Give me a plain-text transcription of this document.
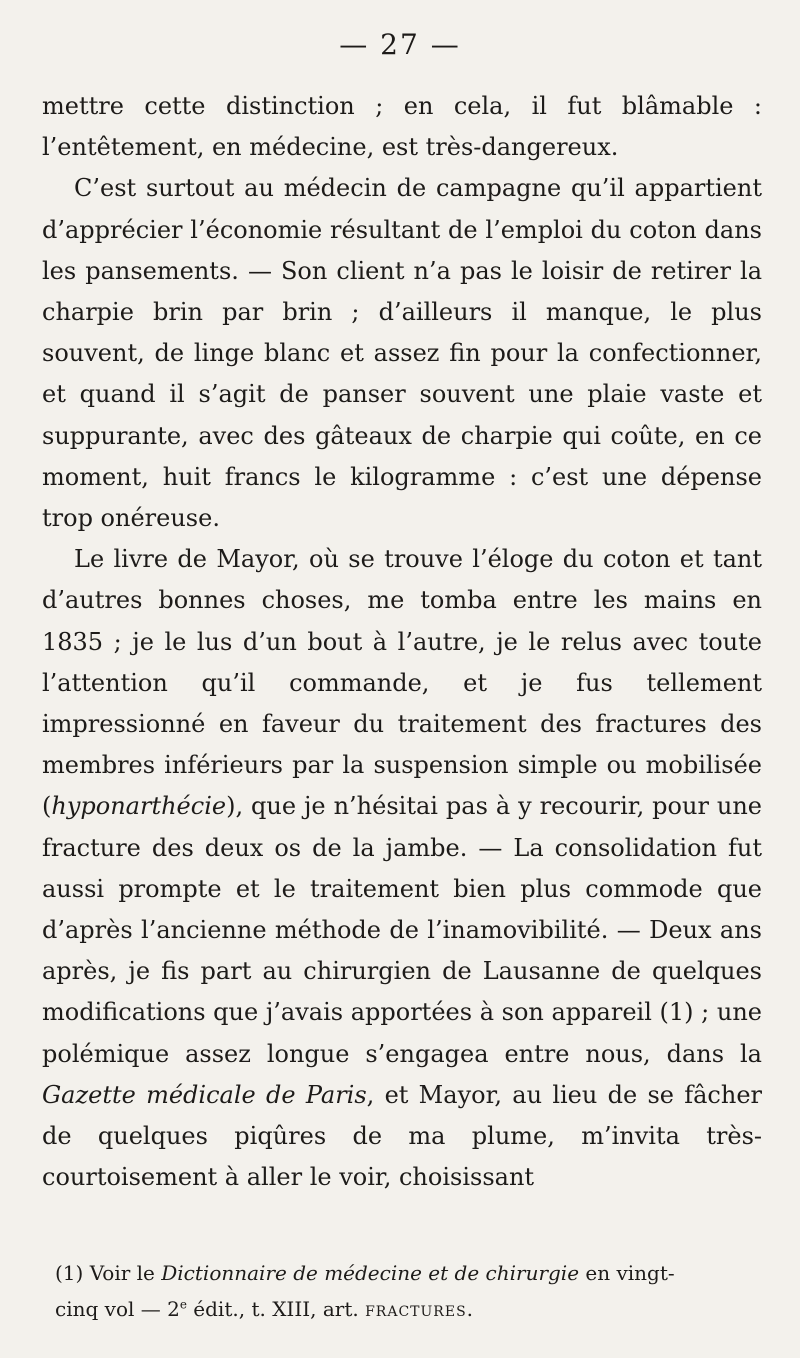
— 27 —

mettre cette distinction ; en cela, il fut blâmable : l’entêtement, en médecine, est très-dangereux.

C’est surtout au médecin de campagne qu’il appartient d’apprécier l’économie résultant de l’emploi du coton dans les pansements. — Son client n’a pas le loisir de retirer la charpie brin par brin ; d’ailleurs il manque, le plus souvent, de linge blanc et assez fin pour la confectionner, et quand il s’agit de panser souvent une plaie vaste et suppurante, avec des gâteaux de charpie qui coûte, en ce moment, huit francs le kilogramme : c’est une dépense trop onéreuse.

Le livre de Mayor, où se trouve l’éloge du coton et tant d’autres bonnes choses, me tomba entre les mains en 1835 ; je le lus d’un bout à l’autre, je le relus avec toute l’attention qu’il commande, et je fus tellement impressionné en faveur du traitement des fractures des membres inférieurs par la suspension simple ou mobilisée (hyponarthécie), que je n’hésitai pas à y recourir, pour une fracture des deux os de la jambe. — La consolidation fut aussi prompte et le traitement bien plus commode que d’après l’ancienne méthode de l’inamovibilité. — Deux ans après, je fis part au chirurgien de Lausanne de quelques modifications que j’avais apportées à son appareil (1) ; une polémique assez longue s’engagea entre nous, dans la Gazette médicale de Paris, et Mayor, au lieu de se fâcher de quelques piqûres de ma plume, m’invita très-courtoisement à aller le voir, choisissant

(1) Voir le Dictionnaire de médecine et de chirurgie en vingt-
cinq vol — 2e édit., t. XIII, art. fractures.
